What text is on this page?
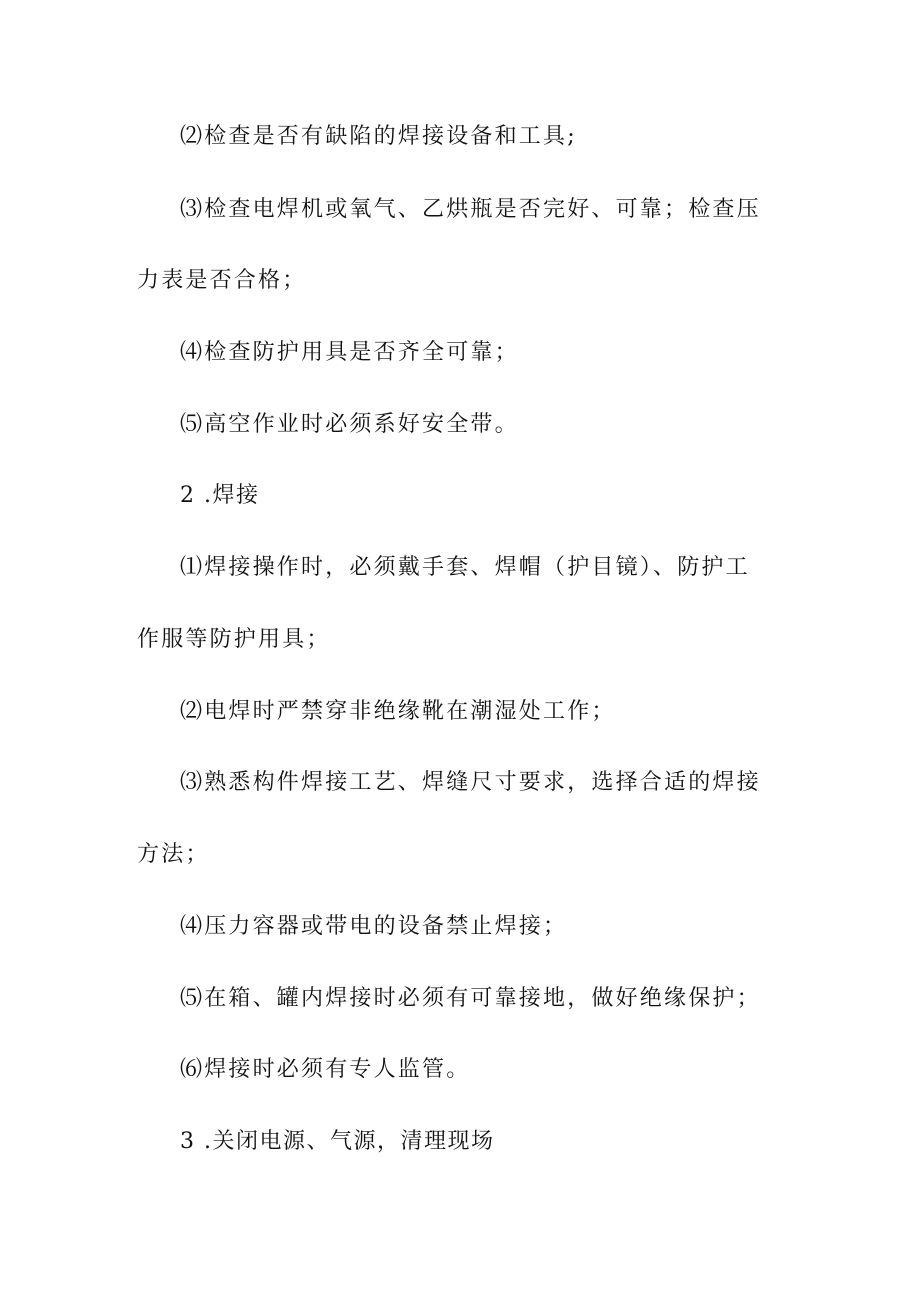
⑵检查是否有缺陷的焊接设备和工具;
⑶检查电焊机或氧气、乙烘瓶是否完好、可靠；检查压
力表是否合格；
⑷检查防护用具是否齐全可靠；
⑸高空作业时必须系好安全带。
2 .焊接
⑴焊接操作时，必须戴手套、焊帽（护目镜）、防护工
作服等防护用具；
⑵电焊时严禁穿非绝缘靴在潮湿处工作；
⑶熟悉构件焊接工艺、焊缝尺寸要求，选择合适的焊接
方法；
⑷压力容器或带电的设备禁止焊接；
⑸在箱、罐内焊接时必须有可靠接地，做好绝缘保护；
⑹焊接时必须有专人监管。
3 .关闭电源、气源，清理现场
